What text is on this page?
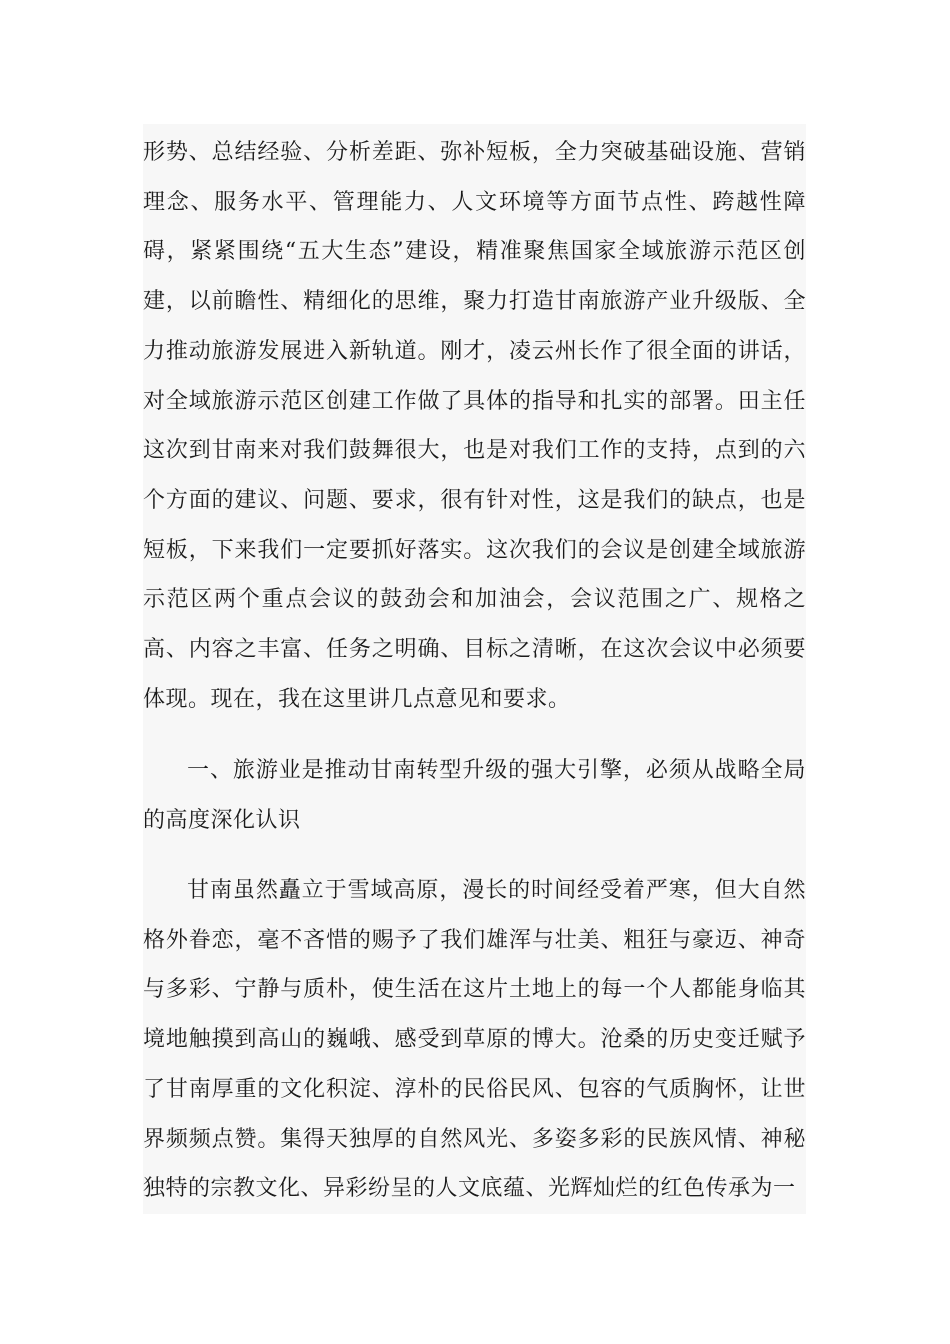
形势、总结经验、分析差距、弥补短板，全力突破基础设施、营销理念、服务水平、管理能力、人文环境等方面节点性、跨越性障碍，紧紧围绕“五大生态”建设，精准聚焦国家全域旅游示范区创建，以前瞻性、精细化的思维，聚力打造甘南旅游产业升级版、全力推动旅游发展进入新轨道。刚才，凌云州长作了很全面的讲话，对全域旅游示范区创建工作做了具体的指导和扎实的部署。田主任这次到甘南来对我们鼓舞很大，也是对我们工作的支持，点到的六个方面的建议、问题、要求，很有针对性，这是我们的缺点，也是短板，下来我们一定要抓好落实。这次我们的会议是创建全域旅游示范区两个重点会议的鼓劲会和加油会，会议范围之广、规格之高、内容之丰富、任务之明确、目标之清晰，在这次会议中必须要体现。现在，我在这里讲几点意见和要求。

一、旅游业是推动甘南转型升级的强大引擎，必须从战略全局的高度深化认识

甘南虽然矗立于雪域高原，漫长的时间经受着严寒，但大自然格外眷恋，毫不吝惜的赐予了我们雄浑与壮美、粗狂与豪迈、神奇与多彩、宁静与质朴，使生活在这片土地上的每一个人都能身临其境地触摸到高山的巍峨、感受到草原的博大。沧桑的历史变迁赋予了甘南厚重的文化积淀、淳朴的民俗民风、包容的气质胸怀，让世界频频点赞。集得天独厚的自然风光、多姿多彩的民族风情、神秘独特的宗教文化、异彩纷呈的人文底蕴、光辉灿烂的红色传承为一
